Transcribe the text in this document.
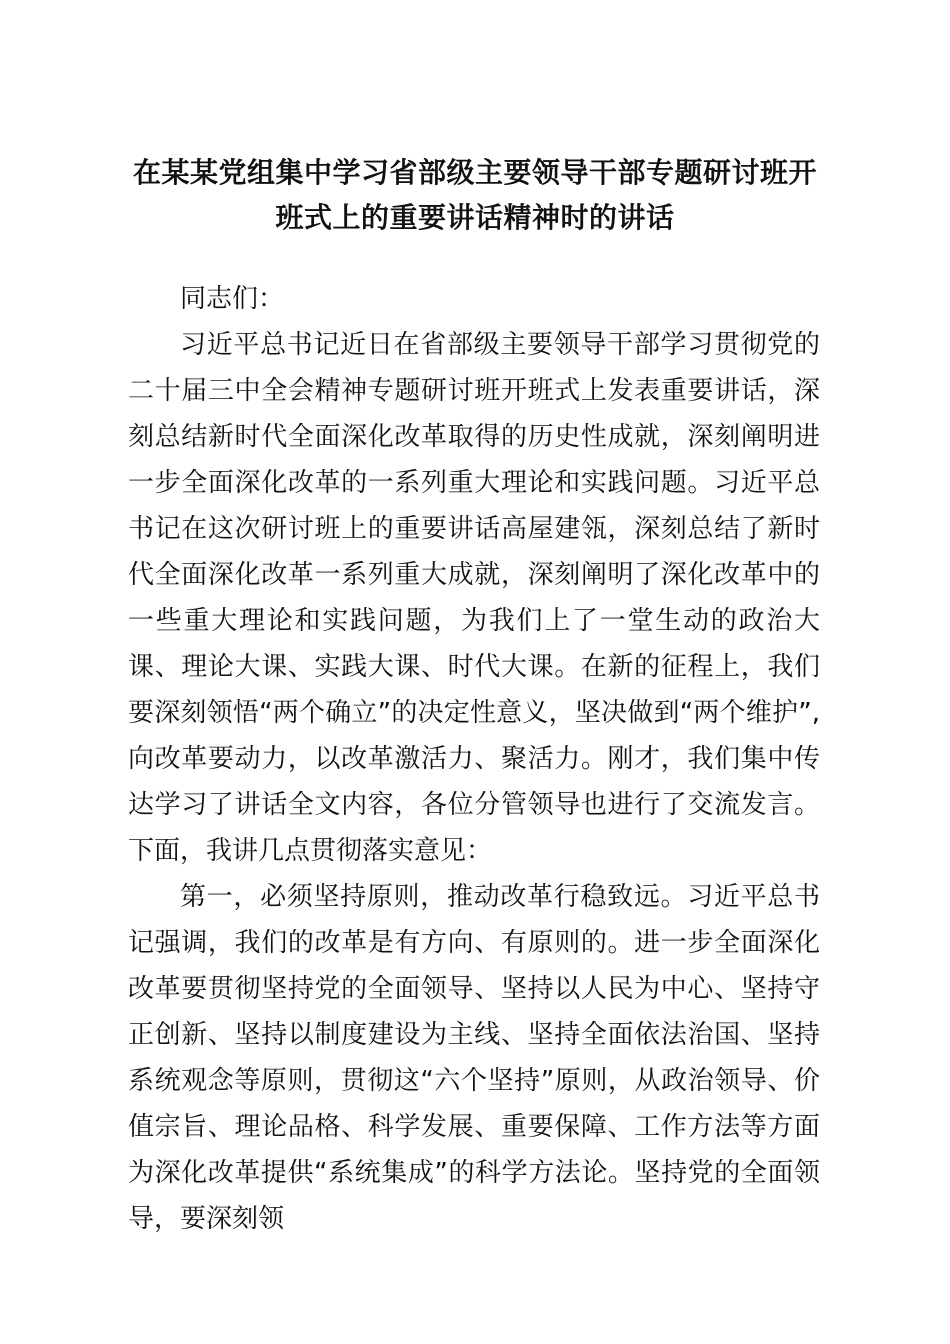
在某某党组集中学习省部级主要领导干部专题研讨班开班式上的重要讲话精神时的讲话

同志们：

习近平总书记近日在省部级主要领导干部学习贯彻党的二十届三中全会精神专题研讨班开班式上发表重要讲话，深刻总结新时代全面深化改革取得的历史性成就，深刻阐明进一步全面深化改革的一系列重大理论和实践问题。习近平总书记在这次研讨班上的重要讲话高屋建瓴，深刻总结了新时代全面深化改革一系列重大成就，深刻阐明了深化改革中的一些重大理论和实践问题，为我们上了一堂生动的政治大课、理论大课、实践大课、时代大课。在新的征程上，我们要深刻领悟“两个确立”的决定性意义，坚决做到“两个维护”,向改革要动力，以改革激活力、聚活力。刚才，我们集中传达学习了讲话全文内容，各位分管领导也进行了交流发言。下面，我讲几点贯彻落实意见：

第一，必须坚持原则，推动改革行稳致远。习近平总书记强调，我们的改革是有方向、有原则的。进一步全面深化改革要贯彻坚持党的全面领导、坚持以人民为中心、坚持守正创新、坚持以制度建设为主线、坚持全面依法治国、坚持系统观念等原则，贯彻这“六个坚持”原则，从政治领导、价值宗旨、理论品格、科学发展、重要保障、工作方法等方面为深化改革提供“系统集成”的科学方法论。坚持党的全面领导，要深刻领
